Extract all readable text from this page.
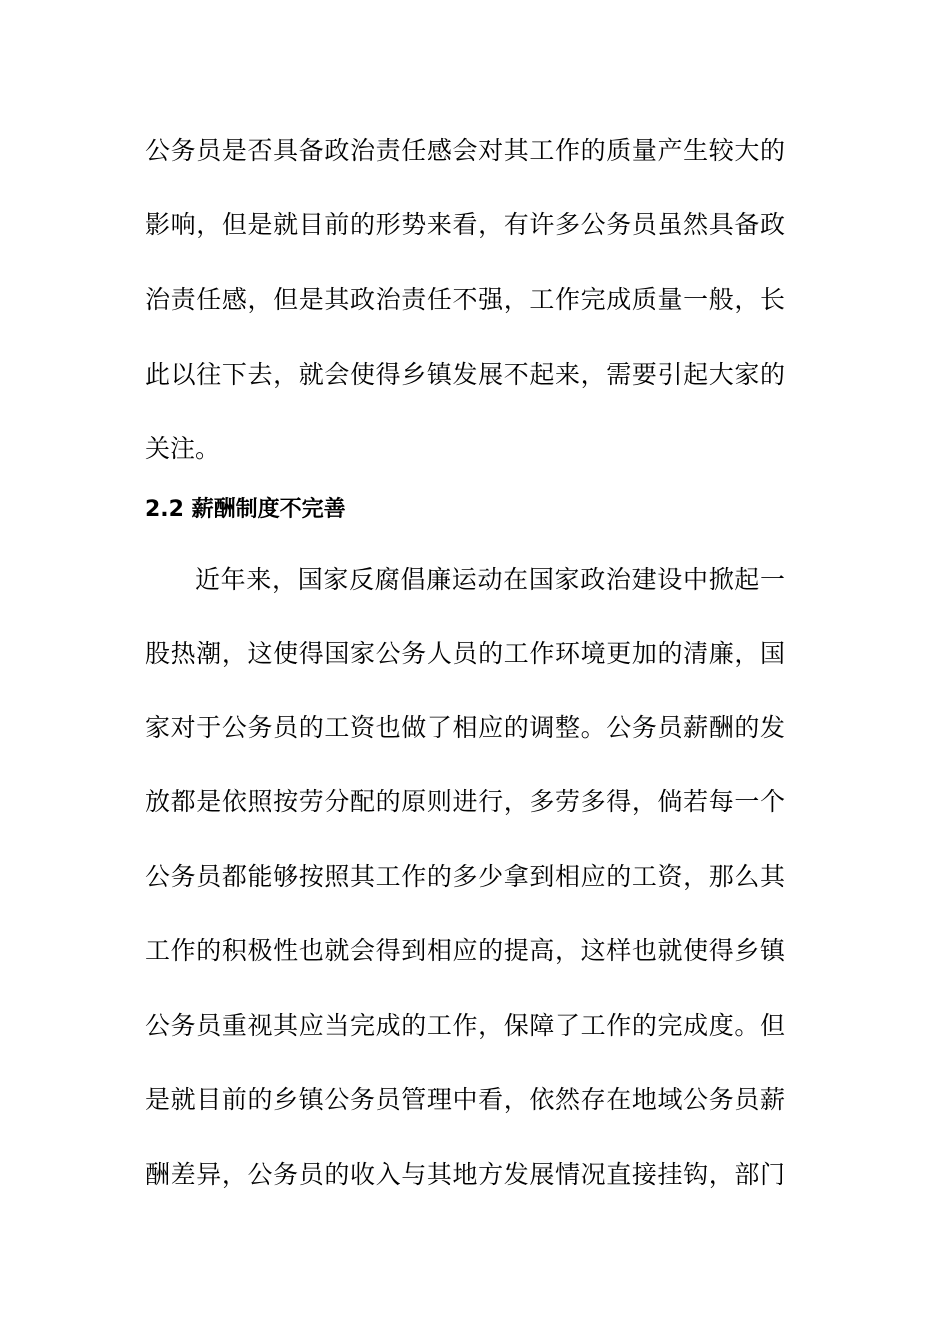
公务员是否具备政治责任感会对其工作的质量产生较大的
影响，但是就目前的形势来看，有许多公务员虽然具备政
治责任感，但是其政治责任不强，工作完成质量一般，长
此以往下去，就会使得乡镇发展不起来，需要引起大家的
关注。
2.2 薪酬制度不完善
近年来，国家反腐倡廉运动在国家政治建设中掀起一
股热潮，这使得国家公务人员的工作环境更加的清廉，国
家对于公务员的工资也做了相应的调整。公务员薪酬的发
放都是依照按劳分配的原则进行，多劳多得，倘若每一个
公务员都能够按照其工作的多少拿到相应的工资，那么其
工作的积极性也就会得到相应的提高，这样也就使得乡镇
公务员重视其应当完成的工作，保障了工作的完成度。但
是就目前的乡镇公务员管理中看，依然存在地域公务员薪
酬差异，公务员的收入与其地方发展情况直接挂钩，部门
